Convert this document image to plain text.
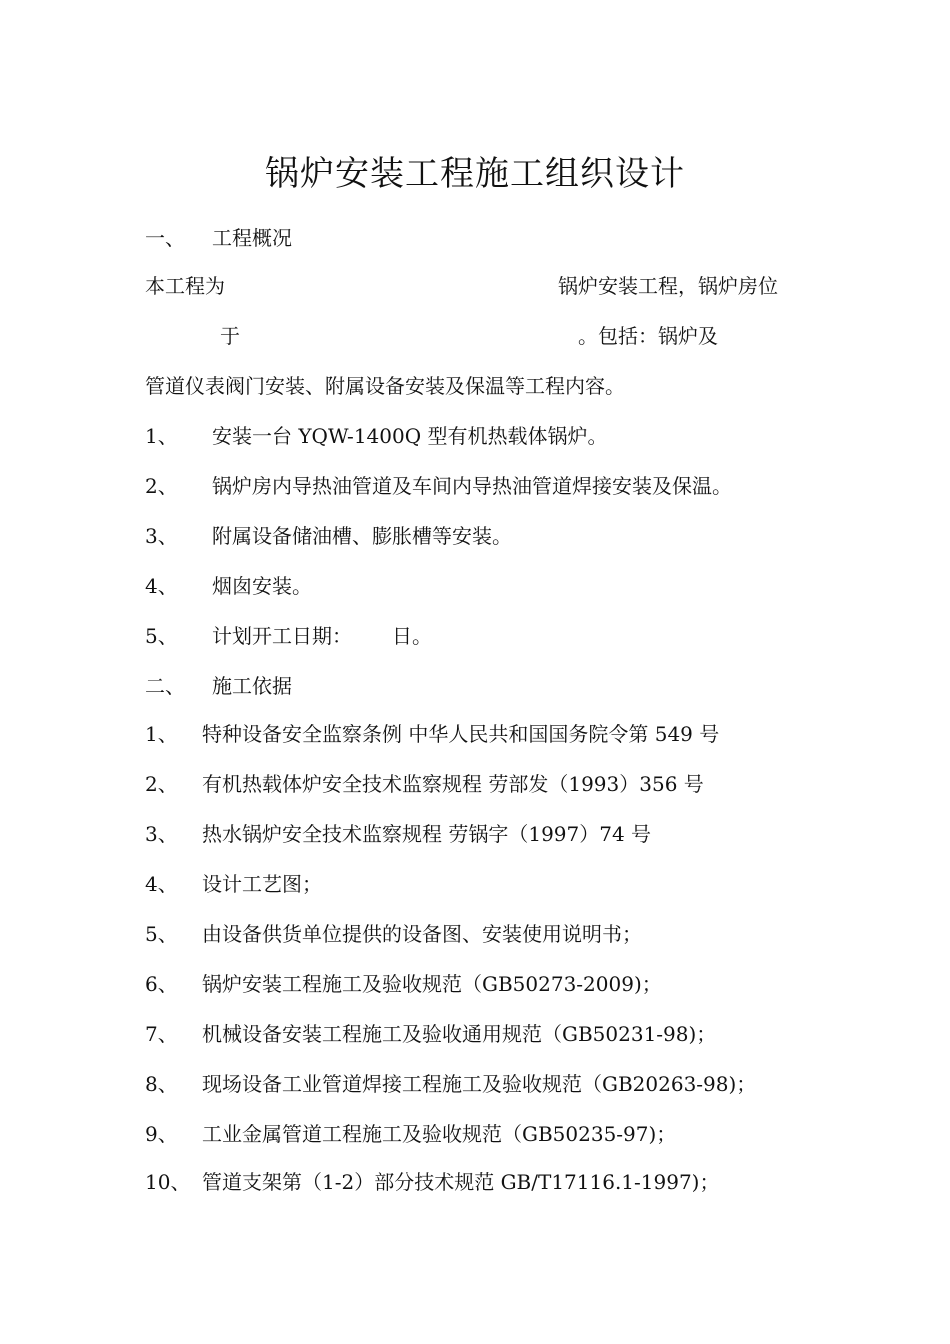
锅炉安装工程施工组织设计
一、 工程概况
本工程为	锅炉安装工程，锅炉房位
于	。包括：锅炉及
管道仪表阀门安装、附属设备安装及保温等工程内容。
1、 安装一台 YQW-1400Q 型有机热载体锅炉。
2、 锅炉房内导热油管道及车间内导热油管道焊接安装及保温。
3、 附属设备储油槽、膨胀槽等安装。
4、 烟囱安装。
5、 计划开工日期： 日。
二、 施工依据
1、 特种设备安全监察条例 中华人民共和国国务院令第 549 号
2、 有机热载体炉安全技术监察规程 劳部发（1993）356 号
3、 热水锅炉安全技术监察规程 劳锅字（1997）74 号
4、 设计工艺图；
5、 由设备供货单位提供的设备图、安装使用说明书；
6、 锅炉安装工程施工及验收规范（GB50273-2009)；
7、 机械设备安装工程施工及验收通用规范（GB50231-98)；
8、 现场设备工业管道焊接工程施工及验收规范（GB20263-98)；
9、 工业金属管道工程施工及验收规范（GB50235-97)；
10、 管道支架第（1-2）部分技术规范 GB/T17116.1-1997)；
